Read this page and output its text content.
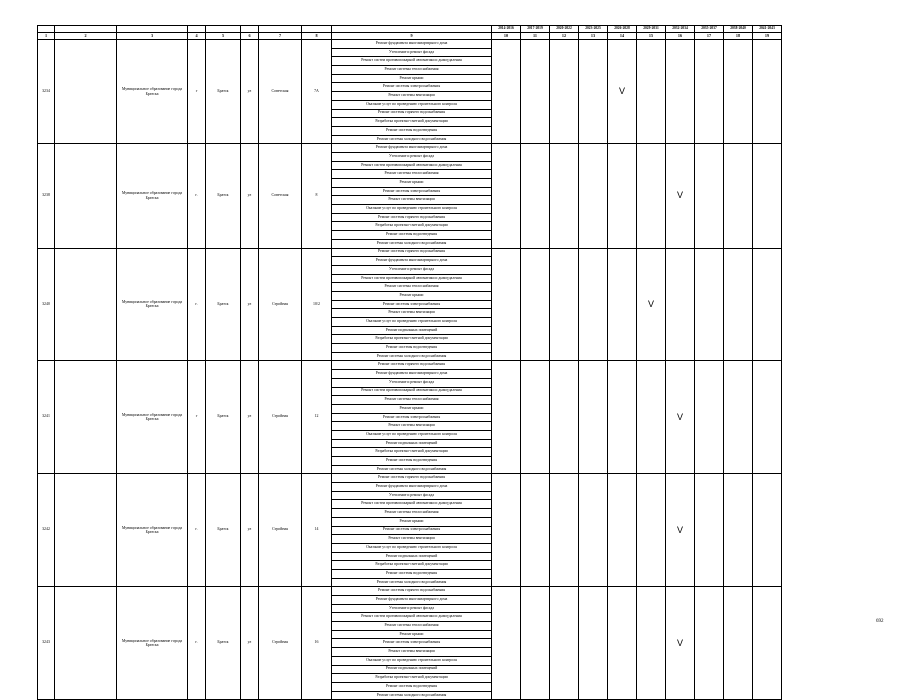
									2014-2016	2017-2019	2020-2022	2023-2025	2026-2028	2029-2031	2032-2034	2035-2037	2038-2040	2041-2043
1	2	3	4	5	6	7	8	9	10	11	12	13	14	15	16	17	18	19
3234		Муниципальное образование города Братска	г	Братск	ул	Советская	7А	Ремонт фундамента многоквартирного дома					V					
								Утепление и ремонт фасада										
								Ремонт систем противопожарной автоматики и дымоудаления										
								Ремонт системы теплоснабжения										
								Ремонт крыши										
								Ремонт системы электроснабжения										
								Ремонт системы вентиляции										
								Оказание услуг по проведению строительного контроля										
								Ремонт системы горячего водоснабжения										
								Разработка проектно-сметной документации										
								Ремонт системы водоотведения										
								Ремонт системы холодного водоснабжения										
3238		Муниципальное образование города Братска	г.	Братск	ул	Советская	8	Ремонт фундамента многоквартирного дома							V			
								Утепление и ремонт фасада										
								Ремонт систем противопожарной автоматики и дымоудаления										
								Ремонт системы теплоснабжения										
								Ремонт крыши										
								Ремонт системы электроснабжения										
								Ремонт системы вентиляции										
								Оказание услуг по проведению строительного контроля										
								Ремонт системы горячего водоснабжения										
								Разработка проектно-сметной документации										
								Ремонт системы водоотведения										
								Ремонт системы холодного водоснабжения										
3240		Муниципальное образование города Братска	г.	Братск	ул	Стройная	10/2	Ремонт системы горячего водоснабжения						V				
								Ремонт фундамента многоквартирного дома										
								Утепление и ремонт фасада										
								Ремонт систем противопожарной автоматики и дымоудаления										
								Ремонт системы теплоснабжения										
								Ремонт крыши										
								Ремонт системы электроснабжения										
								Ремонт системы вентиляции										
								Оказание услуг по проведению строительного контроля										
								Ремонт подвальных помещений										
								Разработка проектно-сметной документации										
								Ремонт системы водоотведения										
								Ремонт системы холодного водоснабжения										
3241		Муниципальное образование города Братска	г	Братск	ул	Стройная	12	Ремонт системы горячего водоснабжения							V			
								Ремонт фундамента многоквартирного дома										
								Утепление и ремонт фасада										
								Ремонт систем противопожарной автоматики и дымоудаления										
								Ремонт системы теплоснабжения										
								Ремонт крыши										
								Ремонт системы электроснабжения										
								Ремонт системы вентиляции										
								Оказание услуг по проведению строительного контроля										
								Ремонт подвальных помещений										
								Разработка проектно-сметной документации										
								Ремонт системы водоотведения										
								Ремонт системы холодного водоснабжения										
3242		Муниципальное образование города Братска	г.	Братск	ул	Стройная	14	Ремонт системы горячего водоснабжения							V			
								Ремонт фундамента многоквартирного дома										
								Утепление и ремонт фасада										
								Ремонт систем противопожарной автоматики и дымоудаления										
								Ремонт системы теплоснабжения										
								Ремонт крыши										
								Ремонт системы электроснабжения										
								Ремонт системы вентиляции										
								Оказание услуг по проведению строительного контроля										
								Ремонт подвальных помещений										
								Разработка проектно-сметной документации										
								Ремонт системы водоотведения										
								Ремонт системы холодного водоснабжения										
3243		Муниципальное образование города Братска	г.	Братск	ул	Стройная	16	Ремонт системы горячего водоснабжения							V			
								Ремонт фундамента многоквартирного дома										
								Утепление и ремонт фасада										
								Ремонт систем противопожарной автоматики и дымоудаления										
								Ремонт системы теплоснабжения										
								Ремонт крыши										
								Ремонт системы электроснабжения										
								Ремонт системы вентиляции										
								Оказание услуг по проведению строительного контроля										
								Ремонт подвальных помещений										
								Разработка проектно-сметной документации										
								Ремонт системы водоотведения										
								Ремонт системы холодного водоснабжения										
692
